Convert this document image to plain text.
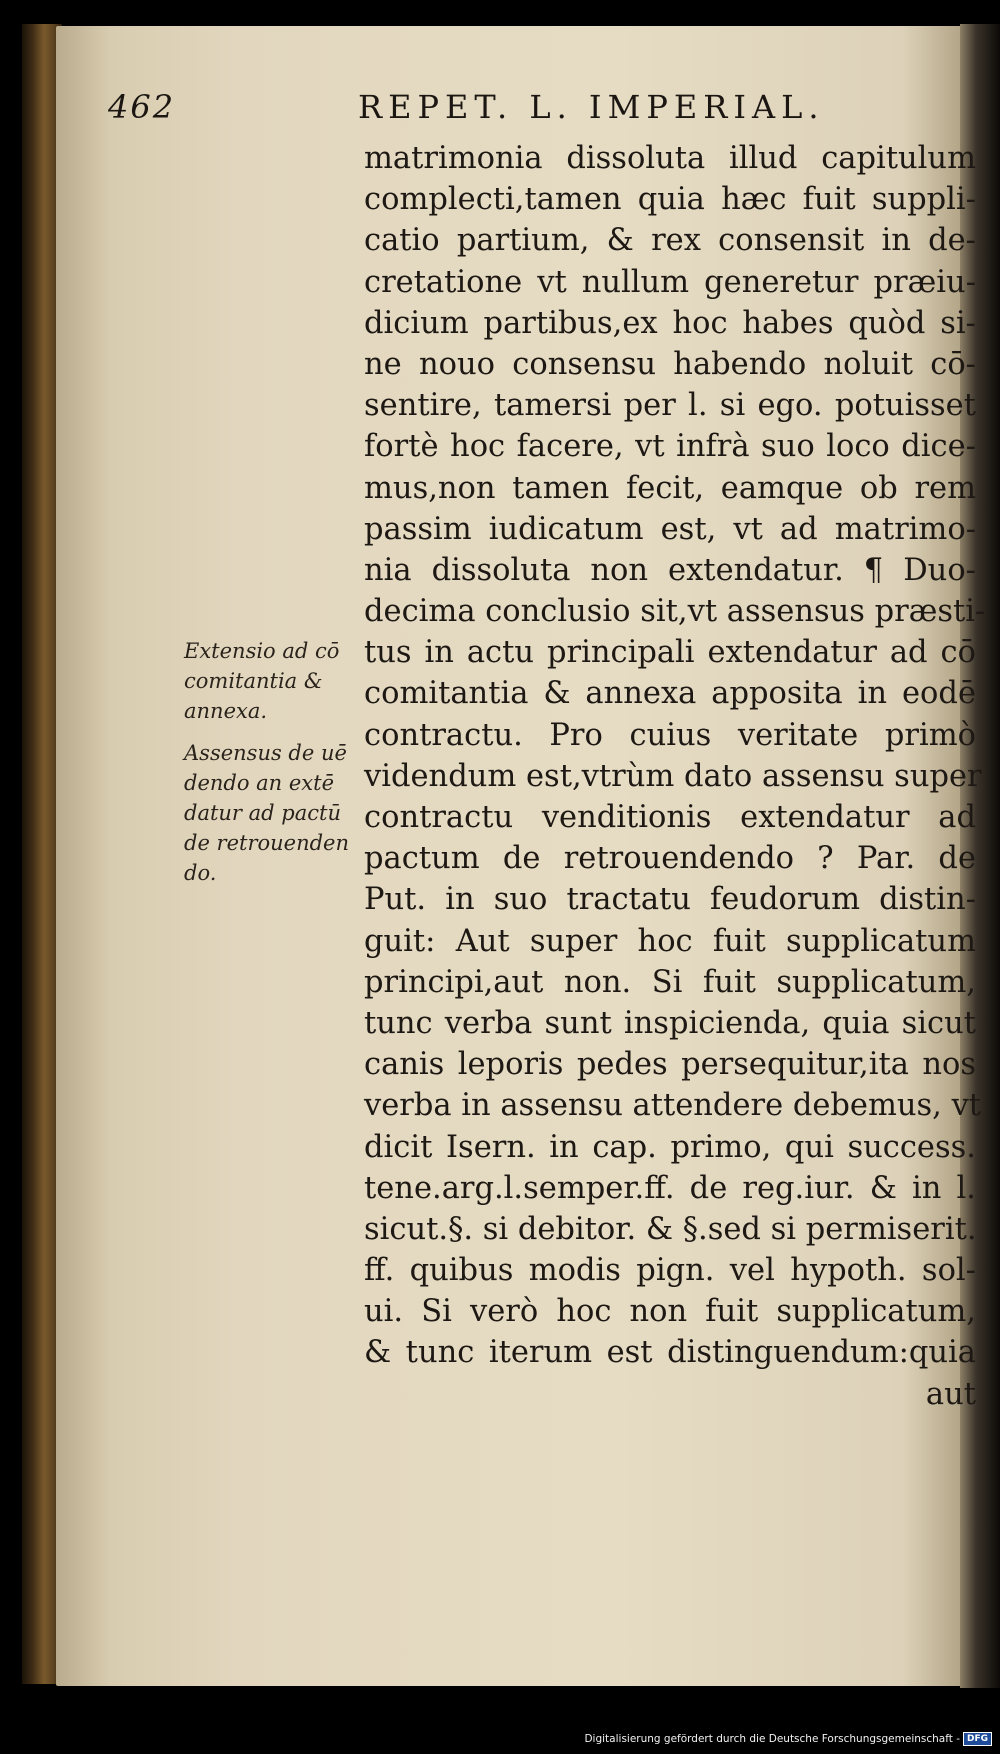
462	REPET. L. IMPERIAL.
matrimonia dissoluta illud capitulum
complecti,tamen quia hæc fuit suppli-
catio partium, & rex consensit in de-
cretatione vt nullum generetur præiu-
dicium partibus,ex hoc habes quòd si-
ne nouo consensu habendo noluit cō-
sentire, tamersi per l. si ego. potuisset
fortè hoc facere, vt infrà suo loco dice-
mus,non tamen fecit, eamque ob rem
passim iudicatum est, vt ad matrimo-
nia dissoluta non extendatur. ¶ Duo-
decima conclusio sit,vt assensus præsti-
tus in actu principali extendatur ad cō
comitantia & annexa apposita in eodē
contractu. Pro cuius veritate primò
videndum est,vtrùm dato assensu super
contractu venditionis extendatur ad
pactum de retrouendendo ? Par. de
Put. in suo tractatu feudorum distin-
guit: Aut super hoc fuit supplicatum
principi,aut non. Si fuit supplicatum,
tunc verba sunt inspicienda, quia sicut
canis leporis pedes persequitur,ita nos
verba in assensu attendere debemus, vt
dicit Isern. in cap. primo, qui success.
tene.arg.l.semper.ff. de reg.iur. & in l.
sicut.§. si debitor. & §.sed si permiserit.
ff. quibus modis pign. vel hypoth. sol-
ui. Si verò hoc non fuit supplicatum,
& tunc iterum est distinguendum:quia
aut
Extensio ad cō
comitantia &
annexa.
Assensus de uē
dendo an extē
datur ad pactū
de retrouenden
do.
Digitalisierung gefördert durch die Deutsche Forschungsgemeinschaft - DFG
